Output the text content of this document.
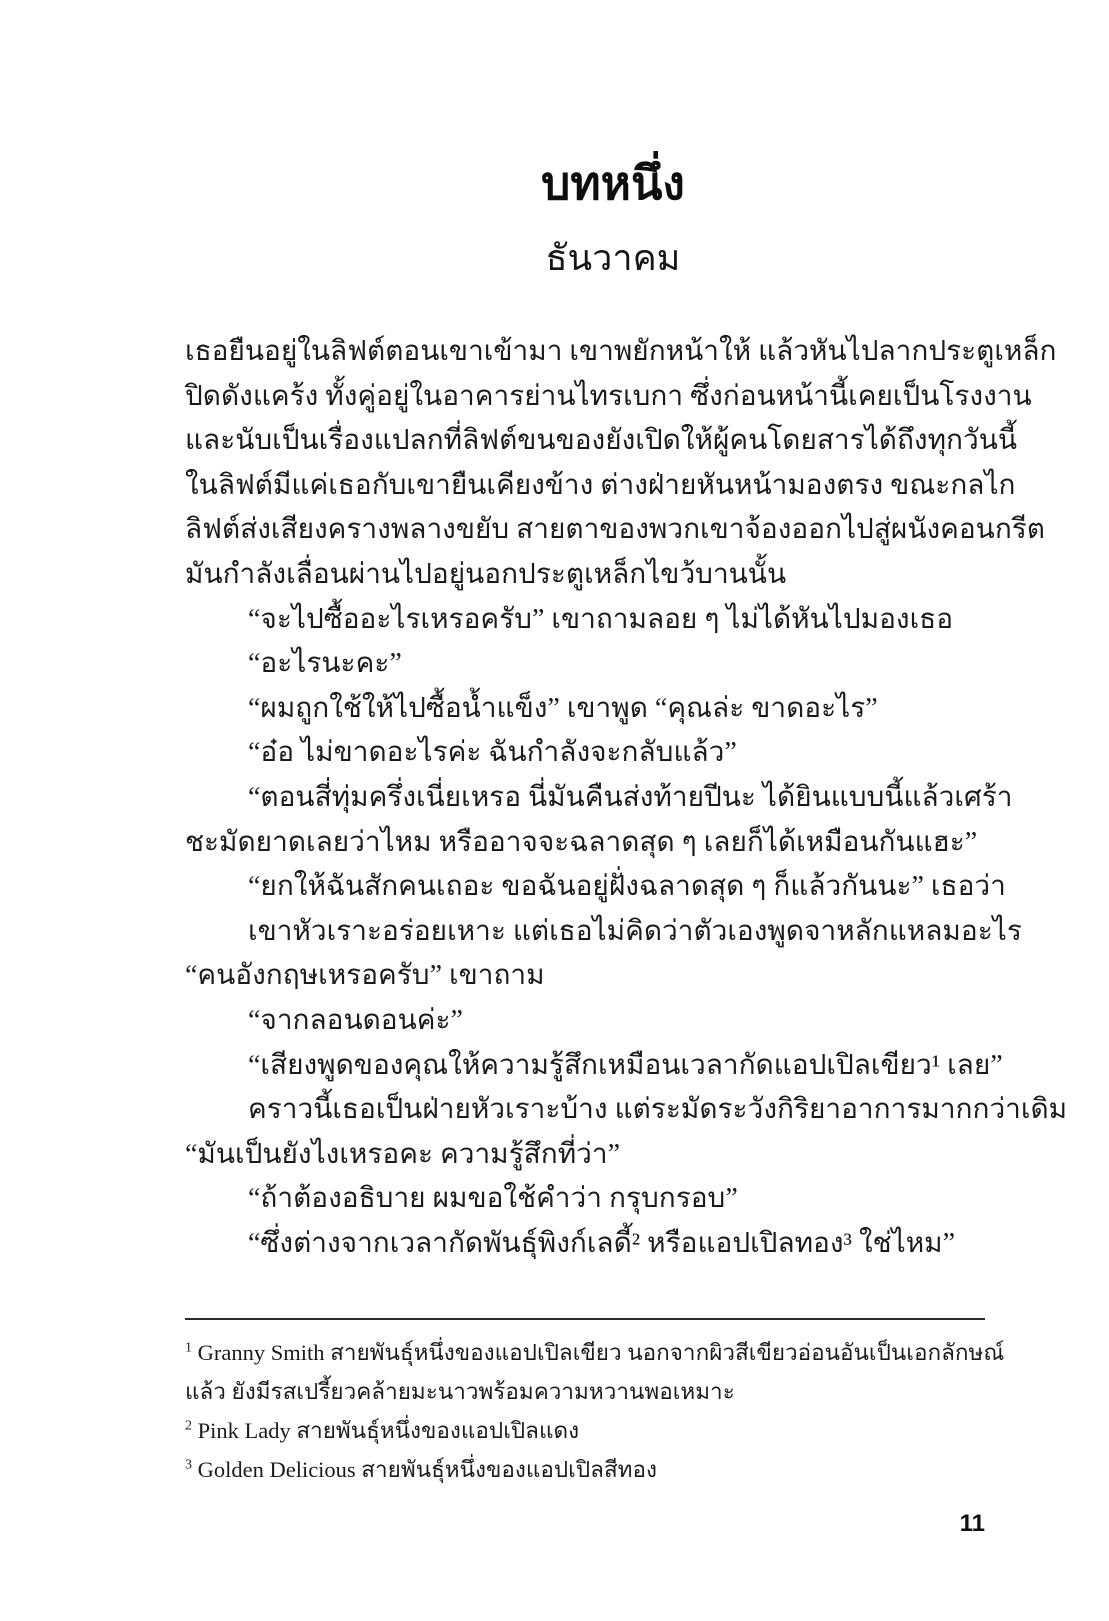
บทหนึ่ง
ธันวาคม
เธอยืนอยู่ในลิฟต์ตอนเขาเข้ามา เขาพยักหน้าให้ แล้วหันไปลากประตูเหล็ก
ปิดดังแคร้ง ทั้งคู่อยู่ในอาคารย่านไทรเบกา ซึ่งก่อนหน้านี้เคยเป็นโรงงาน
และนับเป็นเรื่องแปลกที่ลิฟต์ขนของยังเปิดให้ผู้คนโดยสารได้ถึงทุกวันนี้
ในลิฟต์มีแค่เธอกับเขายืนเคียงข้าง ต่างฝ่ายหันหน้ามองตรง ขณะกลไก
ลิฟต์ส่งเสียงครางพลางขยับ สายตาของพวกเขาจ้องออกไปสู่ผนังคอนกรีต
มันกำลังเลื่อนผ่านไปอยู่นอกประตูเหล็กไขว้บานนั้น
“จะไปซื้ออะไรเหรอครับ” เขาถามลอย ๆ ไม่ได้หันไปมองเธอ
“อะไรนะคะ”
“ผมถูกใช้ให้ไปซื้อน้ำแข็ง” เขาพูด “คุณล่ะ ขาดอะไร”
“อ๋อ ไม่ขาดอะไรค่ะ ฉันกำลังจะกลับแล้ว”
“ตอนสี่ทุ่มครึ่งเนี่ยเหรอ นี่มันคืนส่งท้ายปีนะ ได้ยินแบบนี้แล้วเศร้า
ชะมัดยาดเลยว่าไหม หรืออาจจะฉลาดสุด ๆ เลยก็ได้เหมือนกันแฮะ”
“ยกให้ฉันสักคนเถอะ ขอฉันอยู่ฝั่งฉลาดสุด ๆ ก็แล้วกันนะ” เธอว่า
เขาหัวเราะอร่อยเหาะ แต่เธอไม่คิดว่าตัวเองพูดจาหลักแหลมอะไร
“คนอังกฤษเหรอครับ” เขาถาม
“จากลอนดอนค่ะ”
“เสียงพูดของคุณให้ความรู้สึกเหมือนเวลากัดแอปเปิลเขียว¹ เลย”
คราวนี้เธอเป็นฝ่ายหัวเราะบ้าง แต่ระมัดระวังกิริยาอาการมากกว่าเดิม
“มันเป็นยังไงเหรอคะ ความรู้สึกที่ว่า”
“ถ้าต้องอธิบาย ผมขอใช้คำว่า กรุบกรอบ”
“ซึ่งต่างจากเวลากัดพันธุ์พิงก์เลดี้² หรือแอปเปิลทอง³ ใช่ไหม”
$^1$ Granny Smith สายพันธุ์หนึ่งของแอปเปิลเขียว นอกจากผิวสีเขียวอ่อนอันเป็นเอกลักษณ์แล้ว ยังมีรสเปรี้ยวคล้ายมะนาวพร้อมความหวานพอเหมาะ
$^2$ Pink Lady สายพันธุ์หนึ่งของแอปเปิลแดง
$^3$ Golden Delicious สายพันธุ์หนึ่งของแอปเปิลสีทอง
11
